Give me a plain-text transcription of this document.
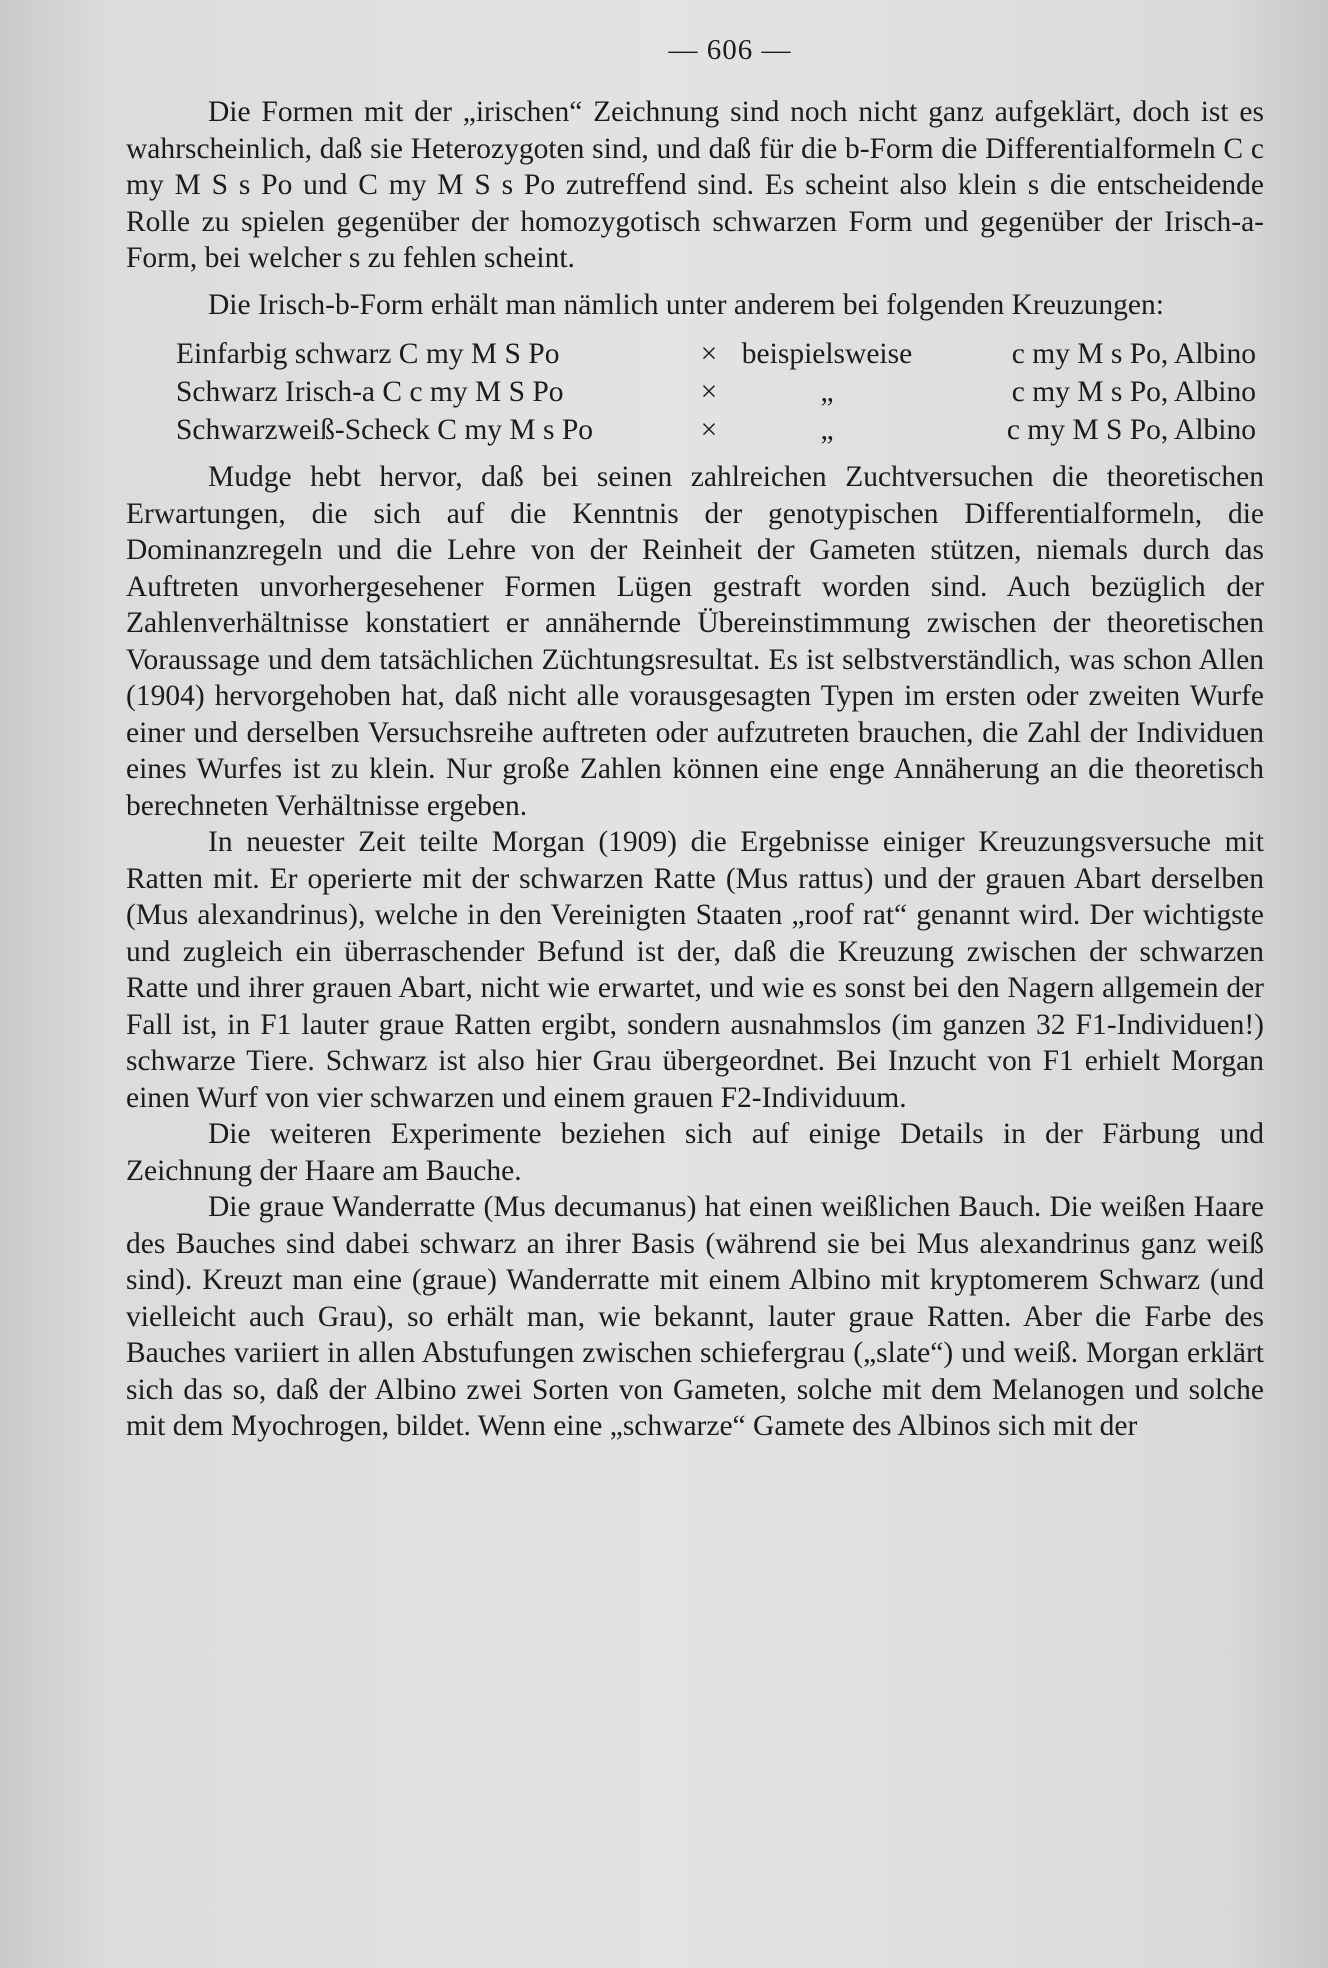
— 606 —

Die Formen mit der „irischen“ Zeichnung sind noch nicht ganz aufgeklärt, doch ist es wahrscheinlich, daß sie Heterozygoten sind, und daß für die b-Form die Differentialformeln C c my M S s Po und C my M S s Po zutreffend sind. Es scheint also klein s die entscheidende Rolle zu spielen gegenüber der homozygotisch schwarzen Form und gegenüber der Irisch-a-Form, bei welcher s zu fehlen scheint.

Die Irisch-b-Form erhält man nämlich unter anderem bei folgenden Kreuzungen:

Einfarbig schwarz C my M S Po	× beispielsweise	c my M s Po, Albino
Schwarz Irisch-a C c my M S Po	×	„	c my M s Po, Albino
Schwarzweiß-Scheck C my M s Po	×	„	c my M S Po, Albino

Mudge hebt hervor, daß bei seinen zahlreichen Zuchtversuchen die theoretischen Erwartungen, die sich auf die Kenntnis der genotypischen Differentialformeln, die Dominanzregeln und die Lehre von der Reinheit der Gameten stützen, niemals durch das Auftreten unvorhergesehener Formen Lügen gestraft worden sind. Auch bezüglich der Zahlenverhältnisse konstatiert er annähernde Übereinstimmung zwischen der theoretischen Voraussage und dem tatsächlichen Züchtungsresultat. Es ist selbstverständlich, was schon Allen (1904) hervorgehoben hat, daß nicht alle vorausgesagten Typen im ersten oder zweiten Wurfe einer und derselben Versuchsreihe auftreten oder aufzutreten brauchen, die Zahl der Individuen eines Wurfes ist zu klein. Nur große Zahlen können eine enge Annäherung an die theoretisch berechneten Verhältnisse ergeben.

In neuester Zeit teilte Morgan (1909) die Ergebnisse einiger Kreuzungsversuche mit Ratten mit. Er operierte mit der schwarzen Ratte (Mus rattus) und der grauen Abart derselben (Mus alexandrinus), welche in den Vereinigten Staaten „roof rat“ genannt wird. Der wichtigste und zugleich ein überraschender Befund ist der, daß die Kreuzung zwischen der schwarzen Ratte und ihrer grauen Abart, nicht wie erwartet, und wie es sonst bei den Nagern allgemein der Fall ist, in F1 lauter graue Ratten ergibt, sondern ausnahmslos (im ganzen 32 F1-Individuen!) schwarze Tiere. Schwarz ist also hier Grau übergeordnet. Bei Inzucht von F1 erhielt Morgan einen Wurf von vier schwarzen und einem grauen F2-Individuum.

Die weiteren Experimente beziehen sich auf einige Details in der Färbung und Zeichnung der Haare am Bauche.

Die graue Wanderratte (Mus decumanus) hat einen weißlichen Bauch. Die weißen Haare des Bauches sind dabei schwarz an ihrer Basis (während sie bei Mus alexandrinus ganz weiß sind). Kreuzt man eine (graue) Wanderratte mit einem Albino mit kryptomerem Schwarz (und vielleicht auch Grau), so erhält man, wie bekannt, lauter graue Ratten. Aber die Farbe des Bauches variiert in allen Abstufungen zwischen schiefergrau („slate“) und weiß. Morgan erklärt sich das so, daß der Albino zwei Sorten von Gameten, solche mit dem Melanogen und solche mit dem Myochrogen, bildet. Wenn eine „schwarze“ Gamete des Albinos sich mit der
